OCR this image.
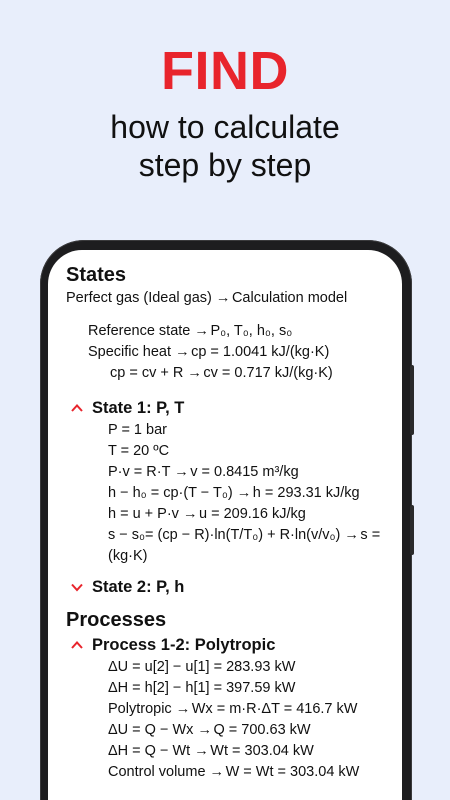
FIND
how to calculate
step by step
States
Perfect gas (Ideal gas) → Calculation model
Reference state → P₀, T₀, h₀, s₀
Specific heat → cp = 1.0041 kJ/(kg·K)
cp = cv + R → cv = 0.717 kJ/(kg·K)
State 1: P, T
P = 1 bar
T = 20 ºC
P·v = R·T → v = 0.8415 m³/kg
h − h₀ = cp·(T − T₀) → h = 293.31 kJ/kg
h = u + P·v → u = 209.16 kJ/kg
s − s₀= (cp − R)·ln(T/T₀) + R·ln(v/v₀) → s =
(kg·K)
State 2: P, h
Processes
Process 1-2: Polytropic
ΔU = u[2] − u[1] = 283.93 kW
ΔH = h[2] − h[1] = 397.59 kW
Polytropic → Wx = m·R·ΔT = 416.7 kW
ΔU = Q − Wx → Q = 700.63 kW
ΔH = Q − Wt → Wt = 303.04 kW
Control volume → W = Wt = 303.04 kW
